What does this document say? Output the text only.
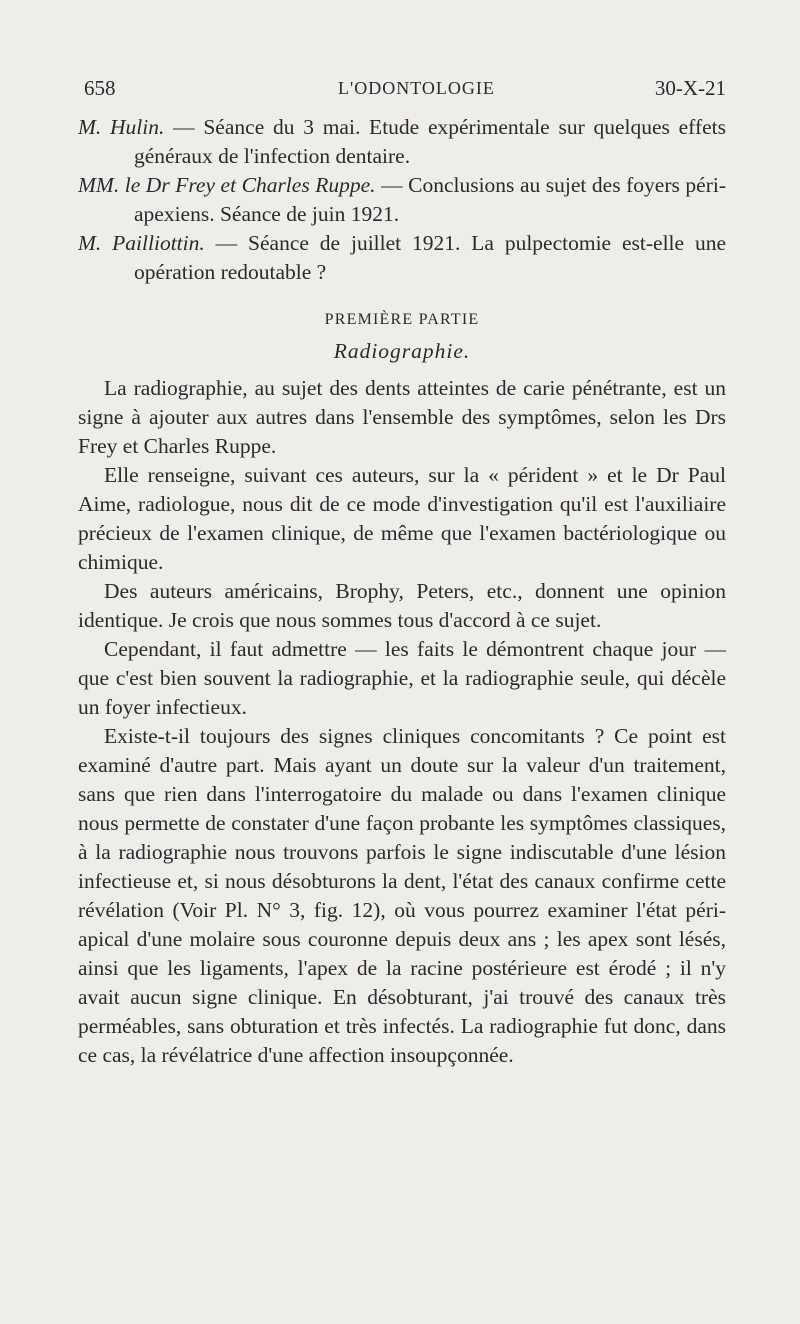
658	L'ODONTOLOGIE	30-X-21

M. Hulin. — Séance du 3 mai. Etude expérimentale sur quelques effets généraux de l'infection dentaire.

MM. le Dr Frey et Charles Ruppe. — Conclusions au sujet des foyers péri-apexiens. Séance de juin 1921.

M. Pailliottin. — Séance de juillet 1921. La pulpectomie est-elle une opération redoutable ?

PREMIÈRE PARTIE

Radiographie.

La radiographie, au sujet des dents atteintes de carie pénétrante, est un signe à ajouter aux autres dans l'ensemble des symptômes, selon les Drs Frey et Charles Ruppe.

Elle renseigne, suivant ces auteurs, sur la « pérident » et le Dr Paul Aime, radiologue, nous dit de ce mode d'investigation qu'il est l'auxiliaire précieux de l'examen clinique, de même que l'examen bactériologique ou chimique.

Des auteurs américains, Brophy, Peters, etc., donnent une opinion identique. Je crois que nous sommes tous d'accord à ce sujet.

Cependant, il faut admettre — les faits le démontrent chaque jour — que c'est bien souvent la radiographie, et la radiographie seule, qui décèle un foyer infectieux.

Existe-t-il toujours des signes cliniques concomitants ? Ce point est examiné d'autre part. Mais ayant un doute sur la valeur d'un traitement, sans que rien dans l'interrogatoire du malade ou dans l'examen clinique nous permette de constater d'une façon probante les symptômes classiques, à la radiographie nous trouvons parfois le signe indiscutable d'une lésion infectieuse et, si nous désobturons la dent, l'état des canaux confirme cette révélation (Voir Pl. N° 3, fig. 12), où vous pourrez examiner l'état péri-apical d'une molaire sous couronne depuis deux ans ; les apex sont lésés, ainsi que les ligaments, l'apex de la racine postérieure est érodé ; il n'y avait aucun signe clinique. En désobturant, j'ai trouvé des canaux très perméables, sans obturation et très infectés. La radiographie fut donc, dans ce cas, la révélatrice d'une affection insoupçonnée.
